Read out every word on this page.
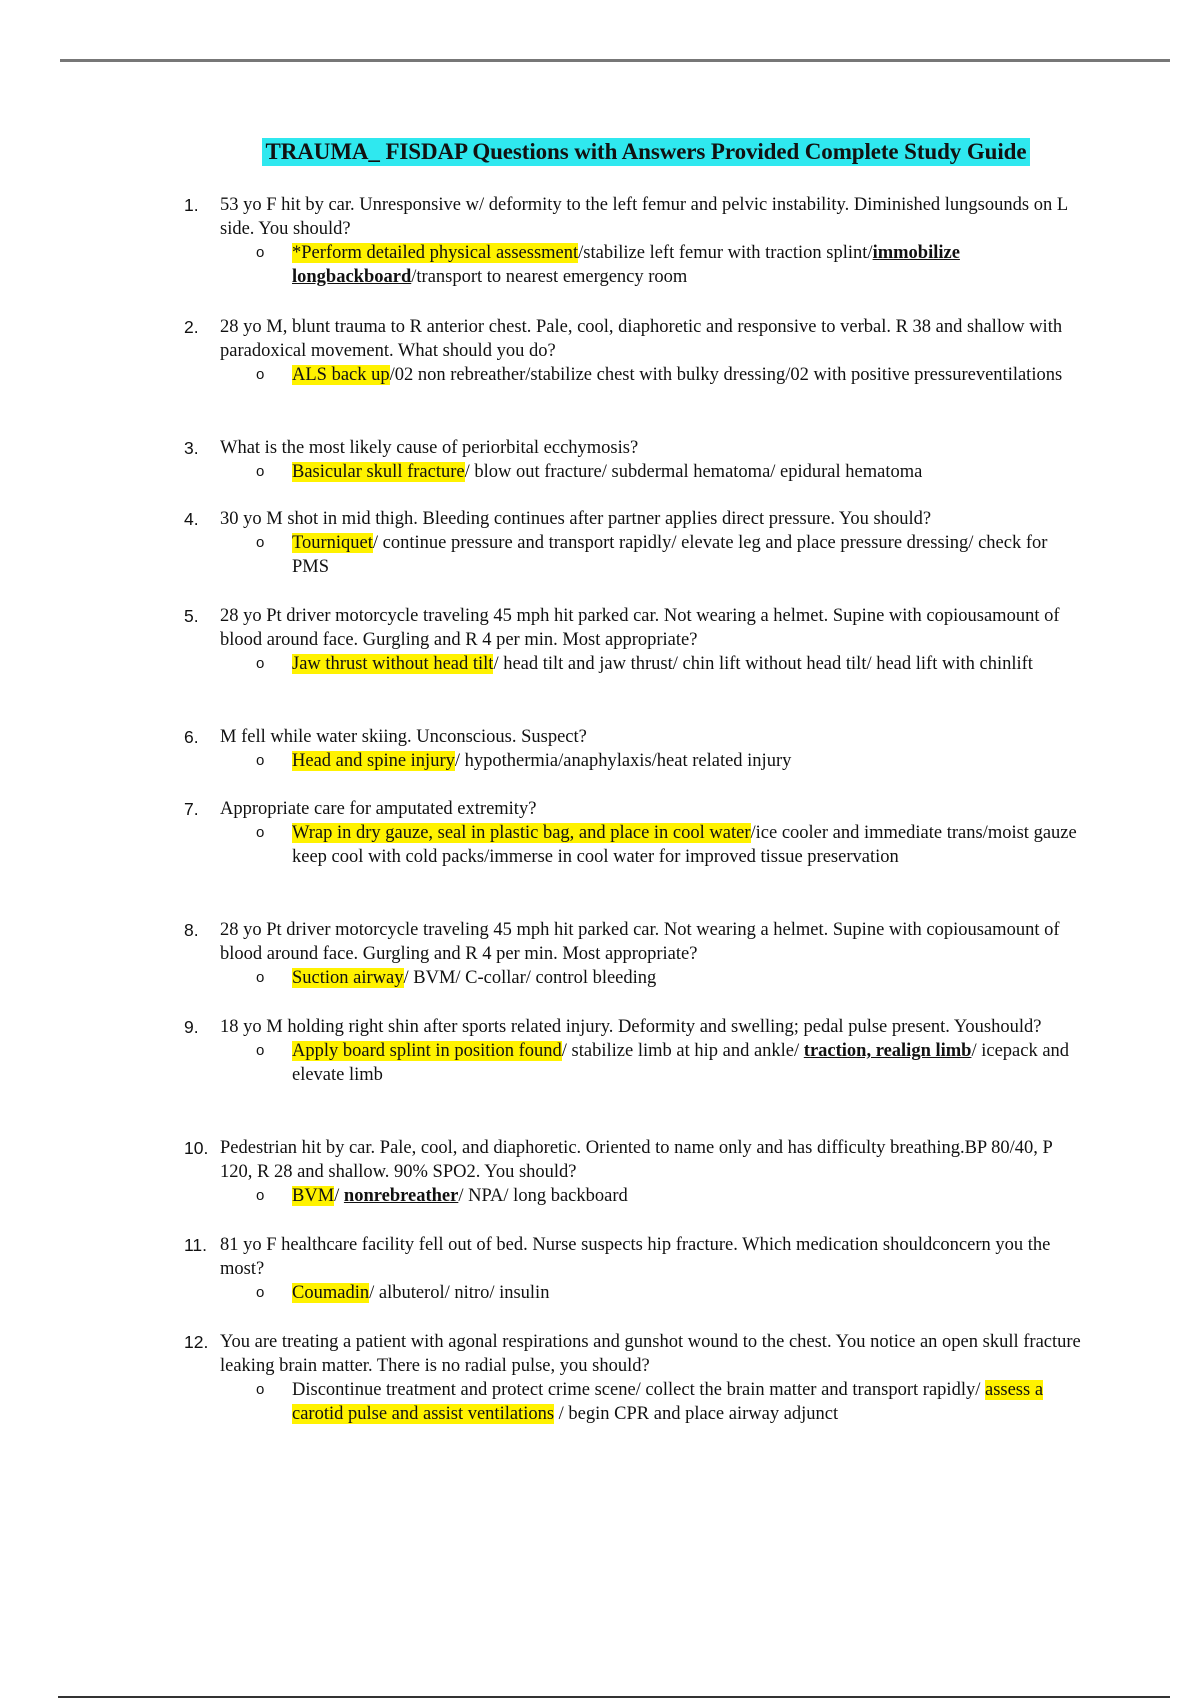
TRAUMA_ FISDAP Questions with Answers Provided Complete Study Guide
1.	53 yo F hit by car. Unresponsive w/ deformity to the left femur and pelvic instability. Diminished lungsounds on L side. You should?
o *Perform detailed physical assessment/stabilize left femur with traction splint/immobilize longbackboard/transport to nearest emergency room
2.	28 yo M, blunt trauma to R anterior chest. Pale, cool, diaphoretic and responsive to verbal. R 38 and shallow with paradoxical movement. What should you do?
o ALS back up/02 non rebreather/stabilize chest with bulky dressing/02 with positive pressureventilations
3.	What is the most likely cause of periorbital ecchymosis?
o Basicular skull fracture/ blow out fracture/ subdermal hematoma/ epidural hematoma
4.	30 yo M shot in mid thigh. Bleeding continues after partner applies direct pressure. You should?
o Tourniquet/ continue pressure and transport rapidly/ elevate leg and place pressure dressing/ check for PMS
5.	28 yo Pt driver motorcycle traveling 45 mph hit parked car. Not wearing a helmet. Supine with copiousamount of blood around face. Gurgling and R 4 per min. Most appropriate?
o Jaw thrust without head tilt/ head tilt and jaw thrust/ chin lift without head tilt/ head lift with chinlift
6.	M fell while water skiing. Unconscious. Suspect?
o Head and spine injury/ hypothermia/anaphylaxis/heat related injury
7.	Appropriate care for amputated extremity?
o Wrap in dry gauze, seal in plastic bag, and place in cool water/ice cooler and immediate trans/moist gauze keep cool with cold packs/immerse in cool water for improved tissue preservation
8.	28 yo Pt driver motorcycle traveling 45 mph hit parked car. Not wearing a helmet. Supine with copiousamount of blood around face. Gurgling and R 4 per min. Most appropriate?
o Suction airway/ BVM/ C-collar/ control bleeding
9.	18 yo M holding right shin after sports related injury. Deformity and swelling; pedal pulse present. Youshould?
o Apply board splint in position found/ stabilize limb at hip and ankle/ traction, realign limb/ icepack and elevate limb
10. Pedestrian hit by car. Pale, cool, and diaphoretic. Oriented to name only and has difficulty breathing.BP 80/40, P 120, R 28 and shallow. 90% SPO2. You should?
o BVM/ nonrebreather/ NPA/ long backboard
11. 81 yo F healthcare facility fell out of bed. Nurse suspects hip fracture. Which medication shouldconcern you the most?
o Coumadin/ albuterol/ nitro/ insulin
12. You are treating a patient with agonal respirations and gunshot wound to the chest. You notice an open skull fracture leaking brain matter. There is no radial pulse, you should?
o Discontinue treatment and protect crime scene/ collect the brain matter and transport rapidly/ assess a carotid pulse and assist ventilations / begin CPR and place airway adjunct
